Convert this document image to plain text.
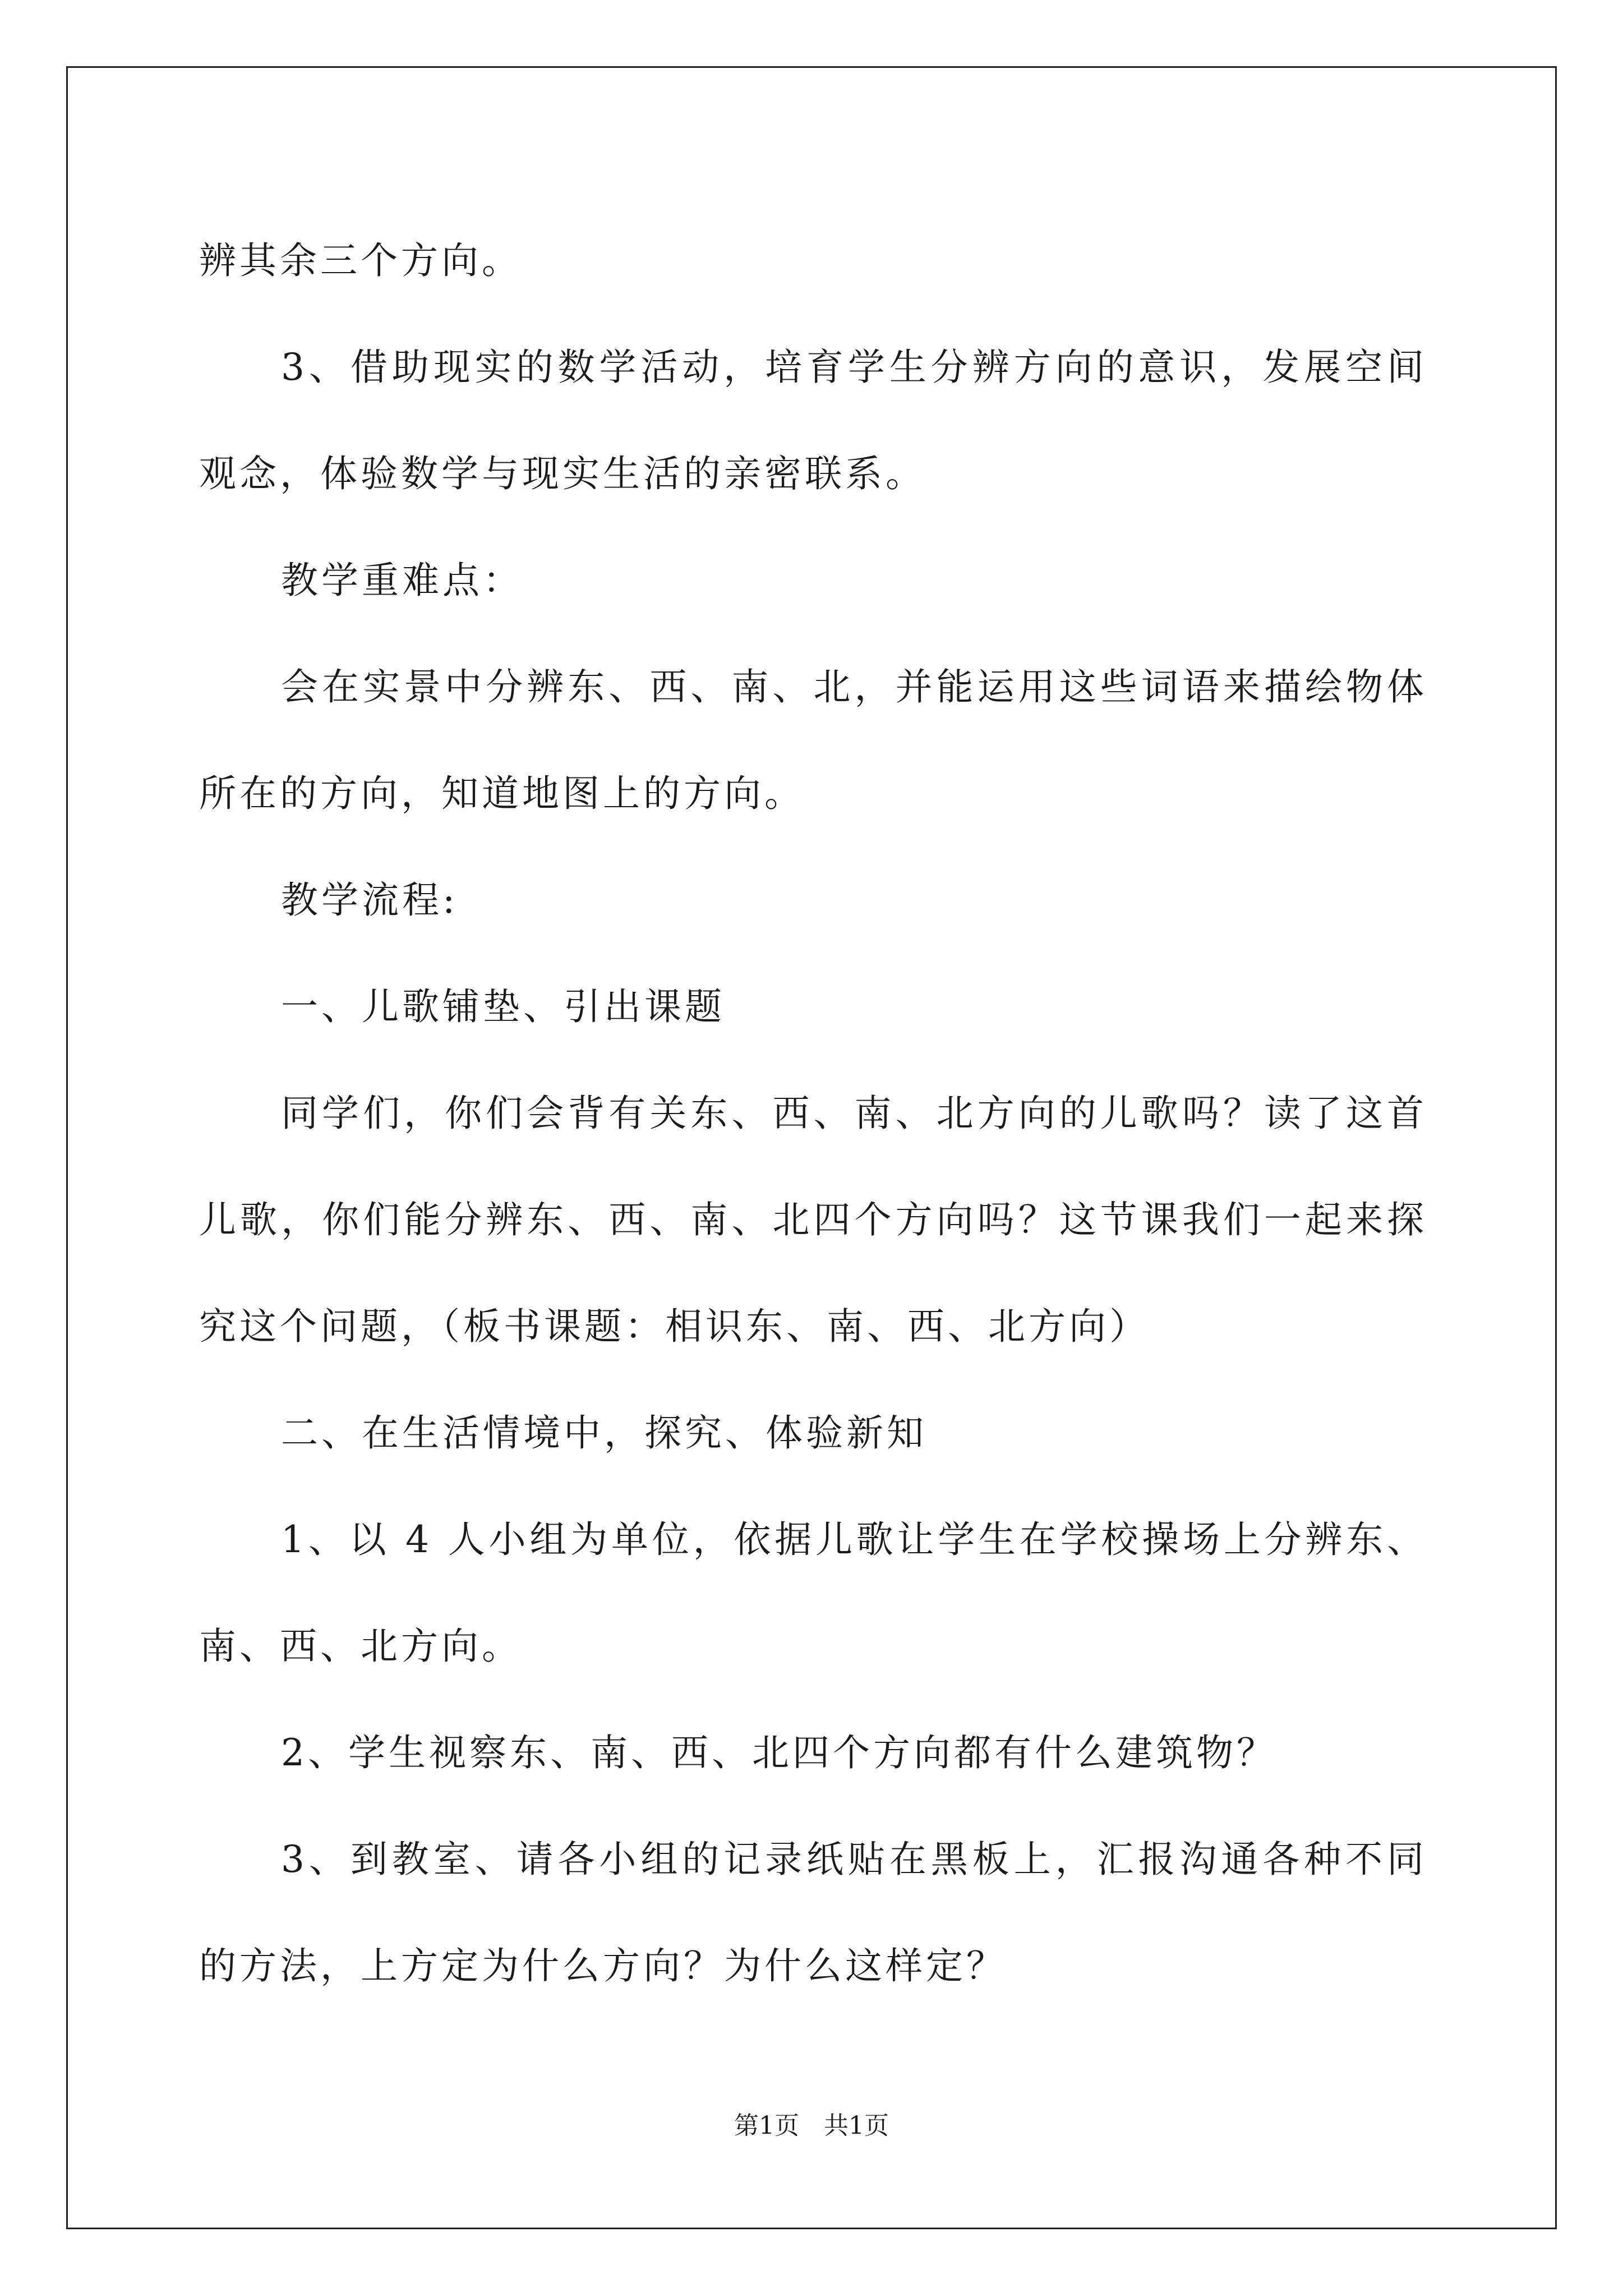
辨其余三个方向。

3、借助现实的数学活动，培育学生分辨方向的意识，发展空间观念，体验数学与现实生活的亲密联系。

教学重难点：

会在实景中分辨东、西、南、北，并能运用这些词语来描绘物体所在的方向，知道地图上的方向。

教学流程:

一、儿歌铺垫、引出课题

同学们，你们会背有关东、西、南、北方向的儿歌吗？读了这首儿歌，你们能分辨东、西、南、北四个方向吗？这节课我们一起来探究这个问题，（板书课题：相识东、南、西、北方向）

二、在生活情境中，探究、体验新知

1、以 4 人小组为单位，依据儿歌让学生在学校操场上分辨东、南、西、北方向。

2、学生视察东、南、西、北四个方向都有什么建筑物？

3、到教室、请各小组的记录纸贴在黑板上，汇报沟通各种不同的方法，上方定为什么方向？为什么这样定？

第1页 共1页
